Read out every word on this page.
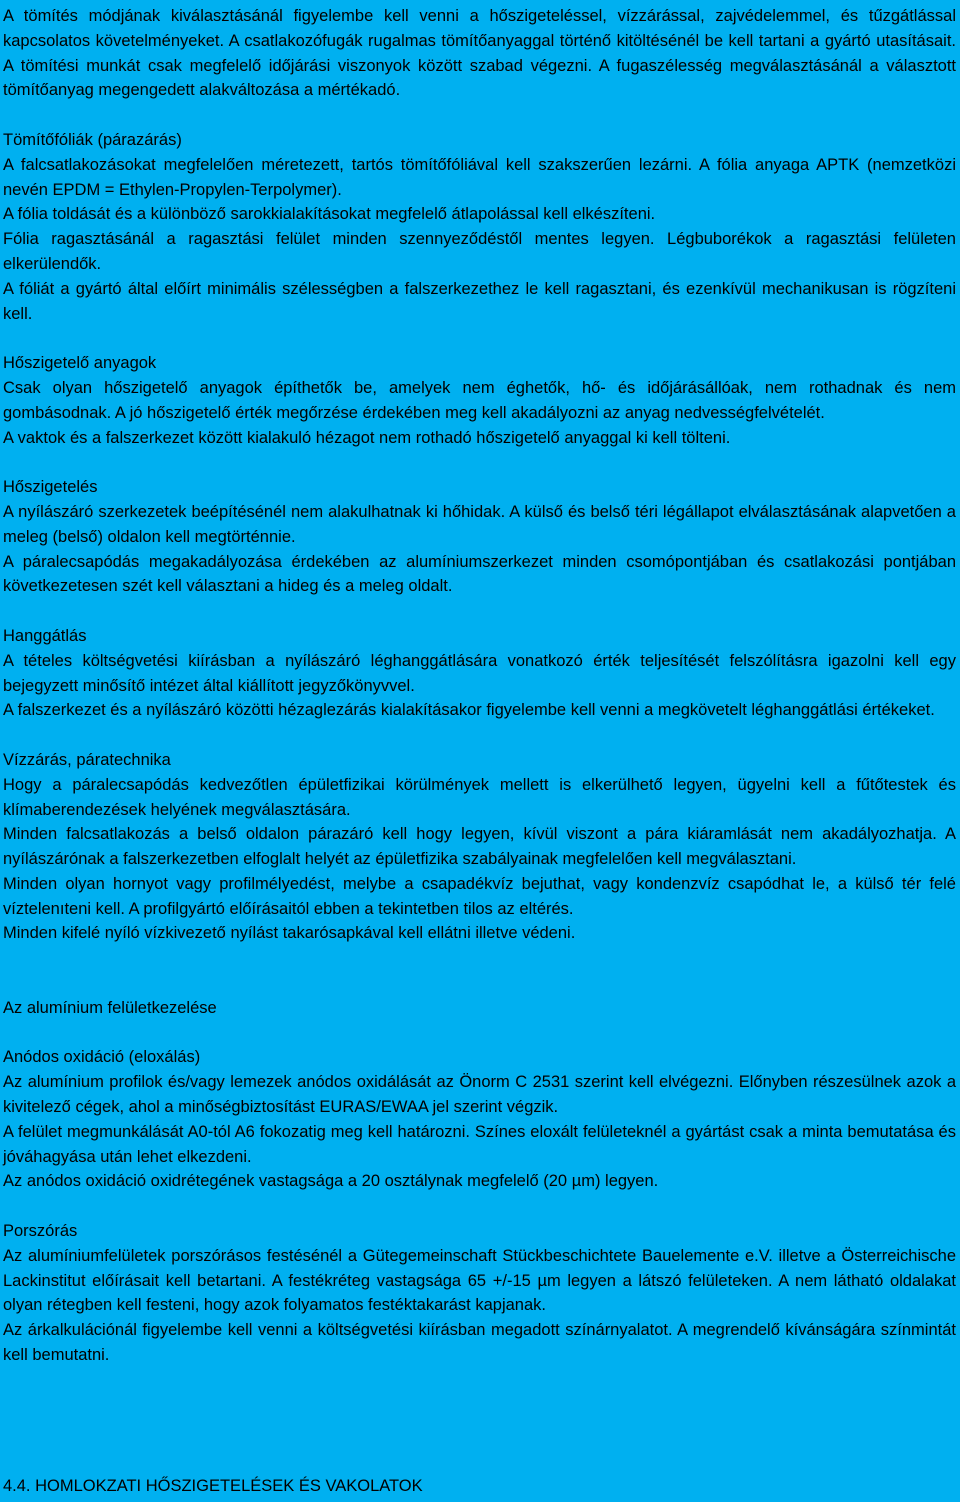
A tömítés módjának kiválasztásánál figyelembe kell venni a hőszigeteléssel, vízzárással, zajvédelemmel, és tűzgátlással kapcsolatos követelményeket. A csatlakozófugák rugalmas tömítőanyaggal történő kitöltésénél be kell tartani a gyártó utasításait. A tömítési munkát csak megfelelő időjárási viszonyok között szabad végezni. A fugaszélesség megválasztásánál a választott tömítőanyag megengedett alakváltozása a mértékadó.

Tömítőfóliák (párazárás)

A falcsatlakozásokat megfelelően méretezett, tartós tömítőfóliával kell szakszerűen lezárni. A fólia anyaga APTK (nemzetközi nevén EPDM = Ethylen-Propylen-Terpolymer).

A fólia toldását és a különböző sarokkialakításokat megfelelő átlapolással kell elkészíteni.

Fólia ragasztásánál a ragasztási felület minden szennyeződéstől mentes legyen. Légbuborékok a ragasztási felületen elkerülendők.

A fóliát a gyártó által előírt minimális szélességben a falszerkezethez le kell ragasztani, és ezenkívül mechanikusan is rögzíteni kell.

Hőszigetelő anyagok

Csak olyan hőszigetelő anyagok építhetők be, amelyek nem éghetők, hő- és időjárásállóak, nem rothadnak és nem gombásodnak. A jó hőszigetelő érték megőrzése érdekében meg kell akadályozni az anyag nedvességfelvételét.

A vaktok és a falszerkezet között kialakuló hézagot nem rothadó hőszigetelő anyaggal ki kell tölteni.

Hőszigetelés

A nyílászáró szerkezetek beépítésénél nem alakulhatnak ki hőhidak. A külső és belső téri légállapot elválasztásának alapvetően a meleg (belső) oldalon kell megtörténnie.

A páralecsapódás megakadályozása érdekében az alumíniumszerkezet minden csomópontjában és csatlakozási pontjában következetesen szét kell választani a hideg és a meleg oldalt.

Hanggátlás

A tételes költségvetési kiírásban a nyílászáró léghanggátlására vonatkozó érték teljesítését felszólításra igazolni kell egy bejegyzett minősítő intézet által kiállított jegyzőkönyvvel.

A falszerkezet és a nyílászáró közötti hézaglezárás kialakításakor figyelembe kell venni a megkövetelt léghanggátlási értékeket.

Vízzárás, páratechnika

Hogy a páralecsapódás kedvezőtlen épületfizikai körülmények mellett is elkerülhető legyen, ügyelni kell a fűtőtestek és klímaberendezések helyének megválasztására.

Minden falcsatlakozás a belső oldalon párazáró kell hogy legyen, kívül viszont a pára kiáramlását nem akadályozhatja. A nyílászárónak a falszerkezetben elfoglalt helyét az épületfizika szabályainak megfelelően kell megválasztani.

Minden olyan hornyot vagy profilmélyedést, melybe a csapadékvíz bejuthat, vagy kondenzvíz csapódhat le, a külső tér felé víztelenıteni kell. A profilgyártó előírásaitól ebben a tekintetben tilos az eltérés.

Minden kifelé nyíló vízkivezető nyílást takarósapkával kell ellátni illetve védeni.

Az alumínium felületkezelése

Anódos oxidáció (eloxálás)

Az alumínium profilok és/vagy lemezek anódos oxidálását az Önorm C 2531 szerint kell elvégezni. Előnyben részesülnek azok a kivitelező cégek, ahol a minőségbiztosítást EURAS/EWAA jel szerint végzik.

A felület megmunkálását A0-tól A6 fokozatig meg kell határozni. Színes eloxált felületeknél a gyártást csak a minta bemutatása és jóváhagyása után lehet elkezdeni.

Az anódos oxidáció oxidrétegének vastagsága a 20 osztálynak megfelelő (20 µm) legyen.

Porszórás

Az alumíniumfelületek porszórásos festésénél a Gütegemeinschaft Stückbeschichtete Bauelemente e.V. illetve a Österreichische Lackinstitut előírásait kell betartani. A festékréteg vastagsága 65 +/-15 µm legyen a látszó felületeken. A nem látható oldalakat olyan rétegben kell festeni, hogy azok folyamatos festéktakarást kapjanak.

Az árkalkulációnál figyelembe kell venni a költségvetési kiírásban megadott színárnyalatot. A megrendelő kívánságára színmintát kell bemutatni.

4.4. HOMLOKZATI HŐSZIGETELÉSEK ÉS VAKOLATOK
